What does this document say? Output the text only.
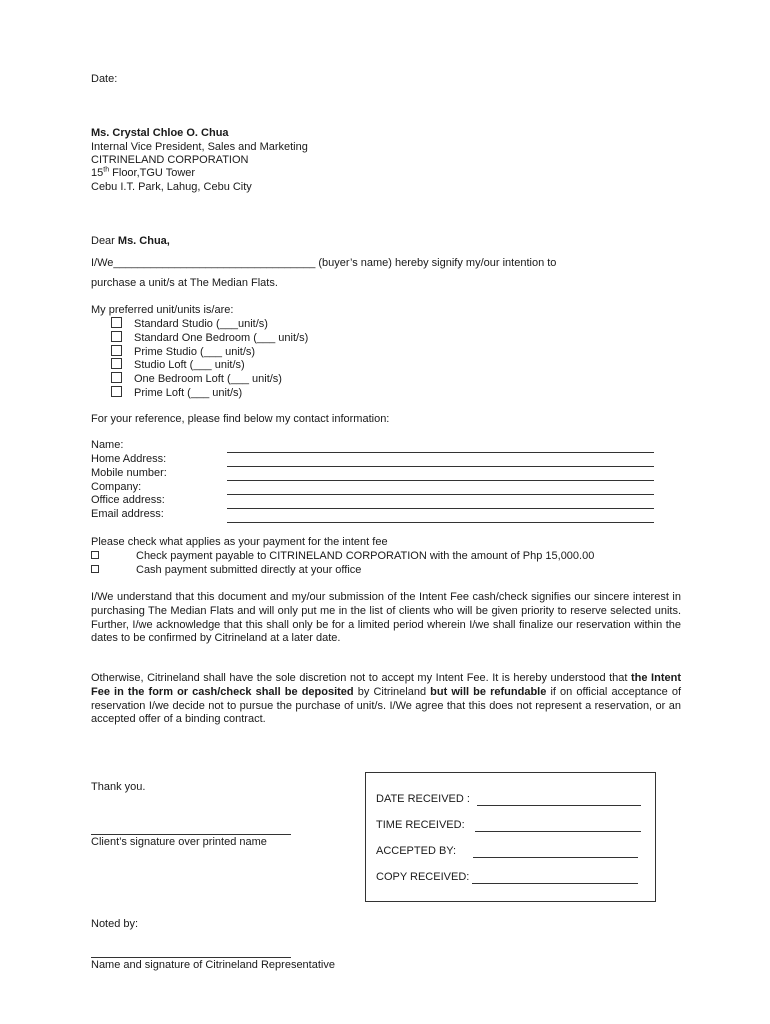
Date:
Ms. Crystal Chloe O. Chua
Internal Vice President, Sales and Marketing
CITRINELAND CORPORATION
15th Floor,TGU Tower
Cebu I.T. Park, Lahug, Cebu City
Dear Ms. Chua,
I/We_________________________________ (buyer’s name) hereby signify my/our intention to
purchase a unit/s at The Median Flats.
My preferred unit/units is/are:
Standard Studio (___unit/s)
Standard One Bedroom (___ unit/s)
Prime Studio (___ unit/s)
Studio Loft (___ unit/s)
One Bedroom Loft (___ unit/s)
Prime Loft (___ unit/s)
For your reference, please find below my contact information:
Name:
Home Address:
Mobile number:
Company:
Office address:
Email address:
Please check what applies as your payment for the intent fee
Check payment payable to CITRINELAND CORPORATION with the amount of Php 15,000.00
Cash payment submitted directly at your office
I/We understand that this document and my/our submission of the Intent Fee cash/check signifies our sincere interest in purchasing The Median Flats and will only put me in the list of clients who will be given priority to reserve selected units. Further, I/we acknowledge that this shall only be for a limited period wherein I/we shall finalize our reservation within the dates to be confirmed by Citrineland at a later date.
Otherwise, Citrineland shall have the sole discretion not to accept my Intent Fee. It is hereby understood that the Intent Fee in the form or cash/check shall be deposited by Citrineland but will be refundable if on official acceptance of reservation I/we decide not to pursue the purchase of unit/s. I/We agree that this does not represent a reservation, or an accepted offer of a binding contract.
Thank you.
Client’s signature over printed name
Noted by:
Name and signature of Citrineland Representative
DATE RECEIVED :
TIME RECEIVED:
ACCEPTED BY:
COPY RECEIVED:
